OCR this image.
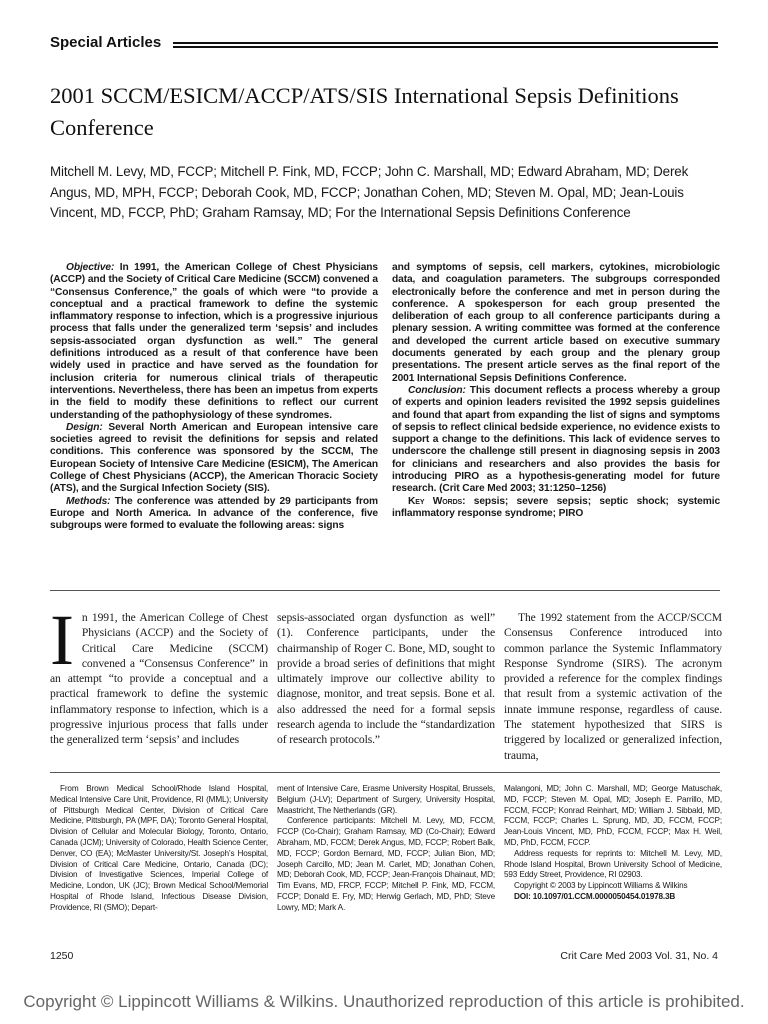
Special Articles
2001 SCCM/ESICM/ACCP/ATS/SIS International Sepsis Definitions Conference
Mitchell M. Levy, MD, FCCP; Mitchell P. Fink, MD, FCCP; John C. Marshall, MD; Edward Abraham, MD; Derek Angus, MD, MPH, FCCP; Deborah Cook, MD, FCCP; Jonathan Cohen, MD; Steven M. Opal, MD; Jean-Louis Vincent, MD, FCCP, PhD; Graham Ramsay, MD; For the International Sepsis Definitions Conference

Objective: In 1991, the American College of Chest Physicians (ACCP) and the Society of Critical Care Medicine (SCCM) convened a “Consensus Conference,” the goals of which were “to provide a conceptual and a practical framework to define the systemic inflammatory response to infection, which is a progressive injurious process that falls under the generalized term ‘sepsis’ and includes sepsis-associated organ dysfunction as well.” The general definitions introduced as a result of that conference have been widely used in practice and have served as the foundation for inclusion criteria for numerous clinical trials of therapeutic interventions. Nevertheless, there has been an impetus from experts in the field to modify these definitions to reflect our current understanding of the pathophysiology of these syndromes.

Design: Several North American and European intensive care societies agreed to revisit the definitions for sepsis and related conditions. This conference was sponsored by the SCCM, The European Society of Intensive Care Medicine (ESICM), The American College of Chest Physicians (ACCP), the American Thoracic Society (ATS), and the Surgical Infection Society (SIS).

Methods: The conference was attended by 29 participants from Europe and North America. In advance of the conference, five subgroups were formed to evaluate the following areas: signs

and symptoms of sepsis, cell markers, cytokines, microbiologic data, and coagulation parameters. The subgroups corresponded electronically before the conference and met in person during the conference. A spokesperson for each group presented the deliberation of each group to all conference participants during a plenary session. A writing committee was formed at the conference and developed the current article based on executive summary documents generated by each group and the plenary group presentations. The present article serves as the final report of the 2001 International Sepsis Definitions Conference.

Conclusion: This document reflects a process whereby a group of experts and opinion leaders revisited the 1992 sepsis guidelines and found that apart from expanding the list of signs and symptoms of sepsis to reflect clinical bedside experience, no evidence exists to support a change to the definitions. This lack of evidence serves to underscore the challenge still present in diagnosing sepsis in 2003 for clinicians and researchers and also provides the basis for introducing PIRO as a hypothesis-generating model for future research. (Crit Care Med 2003; 31:1250–1256)

Key Words: sepsis; severe sepsis; septic shock; systemic inflammatory response syndrome; PIRO

I n 1991, the American College of Chest Physicians (ACCP) and the Society of Critical Care Medicine (SCCM) convened a “Consensus Conference” in an attempt “to provide a conceptual and a practical framework to define the systemic inflammatory response to infection, which is a progressive injurious process that falls under the generalized term ‘sepsis’ and includes

sepsis-associated organ dysfunction as well” (1). Conference participants, under the chairmanship of Roger C. Bone, MD, sought to provide a broad series of definitions that might ultimately improve our collective ability to diagnose, monitor, and treat sepsis. Bone et al. also addressed the need for a formal sepsis research agenda to include the “standardization of research protocols.”

The 1992 statement from the ACCP/SCCM Consensus Conference introduced into common parlance the Systemic Inflammatory Response Syndrome (SIRS). The acronym provided a reference for the complex findings that result from a systemic activation of the innate immune response, regardless of cause. The statement hypothesized that SIRS is triggered by localized or generalized infection, trauma,

From Brown Medical School/Rhode Island Hospital, Medical Intensive Care Unit, Providence, RI (MML); University of Pittsburgh Medical Center, Division of Critical Care Medicine, Pittsburgh, PA (MPF, DA); Toronto General Hospital, Division of Cellular and Molecular Biology, Toronto, Ontario, Canada (JCM); University of Colorado, Health Science Center, Denver, CO (EA); McMaster University/St. Joseph’s Hospital, Division of Critical Care Medicine, Ontario, Canada (DC); Division of Investigative Sciences, Imperial College of Medicine, London, UK (JC); Brown Medical School/Memorial Hospital of Rhode Island, Infectious Disease Division, Providence, RI (SMO); Depart-

ment of Intensive Care, Erasme University Hospital, Brussels, Belgium (J-LV); Department of Surgery, University Hospital, Maastricht, The Netherlands (GR).

Conference participants: Mitchell M. Levy, MD, FCCM, FCCP (Co-Chair); Graham Ramsay, MD (Co-Chair); Edward Abraham, MD, FCCM; Derek Angus, MD, FCCP; Robert Balk, MD, FCCP; Gordon Bernard, MD, FCCP; Julian Bion, MD; Joseph Carcillo, MD; Jean M. Carlet, MD; Jonathan Cohen, MD; Deborah Cook, MD, FCCP; Jean-François Dhainaut, MD; Tim Evans, MD, FRCP, FCCP; Mitchell P. Fink, MD, FCCM, FCCP; Donald E. Fry, MD; Herwig Gerlach, MD, PhD; Steve Lowry, MD; Mark A.

Malangoni, MD; John C. Marshall, MD; George Matuschak, MD, FCCP; Steven M. Opal, MD; Joseph E. Parrillo, MD, FCCM, FCCP; Konrad Reinhart, MD; William J. Sibbald, MD, FCCM, FCCP; Charles L. Sprung, MD, JD, FCCM, FCCP; Jean-Louis Vincent, MD, PhD, FCCM, FCCP; Max H. Weil, MD, PhD, FCCM, FCCP.

Address requests for reprints to: Mitchell M. Levy, MD, Rhode Island Hospital, Brown University School of Medicine, 593 Eddy Street, Providence, RI 02903.

Copyright © 2003 by Lippincott Williams & Wilkins

DOI: 10.1097/01.CCM.0000050454.01978.3B

1250	Crit Care Med 2003 Vol. 31, No. 4
Copyright © Lippincott Williams & Wilkins. Unauthorized reproduction of this article is prohibited.
